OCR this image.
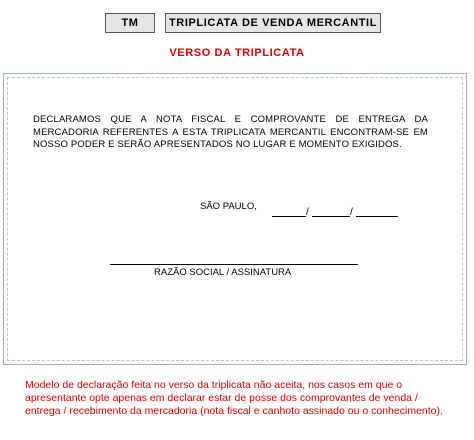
TM	TRIPLICATA DE VENDA MERCANTIL
VERSO DA TRIPLICATA
DECLARAMOS QUE A NOTA FISCAL E COMPROVANTE DE ENTREGA DA MERCADORIA REFERENTES A ESTA TRIPLICATA MERCANTIL ENCONTRAM-SE EM NOSSO PODER E SERÃO APRESENTADOS NO LUGAR E MOMENTO EXIGIDOS.
SÃO PAULO,
/	/
RAZÃO SOCIAL / ASSINATURA
Modelo de declaração feita no verso da triplicata não aceita, nos casos em que o apresentante opte apenas em declarar estar de posse dos comprovantes de venda / entrega / recebimento da mercadoria (nota fiscal e canhoto assinado ou o conhecimento).
